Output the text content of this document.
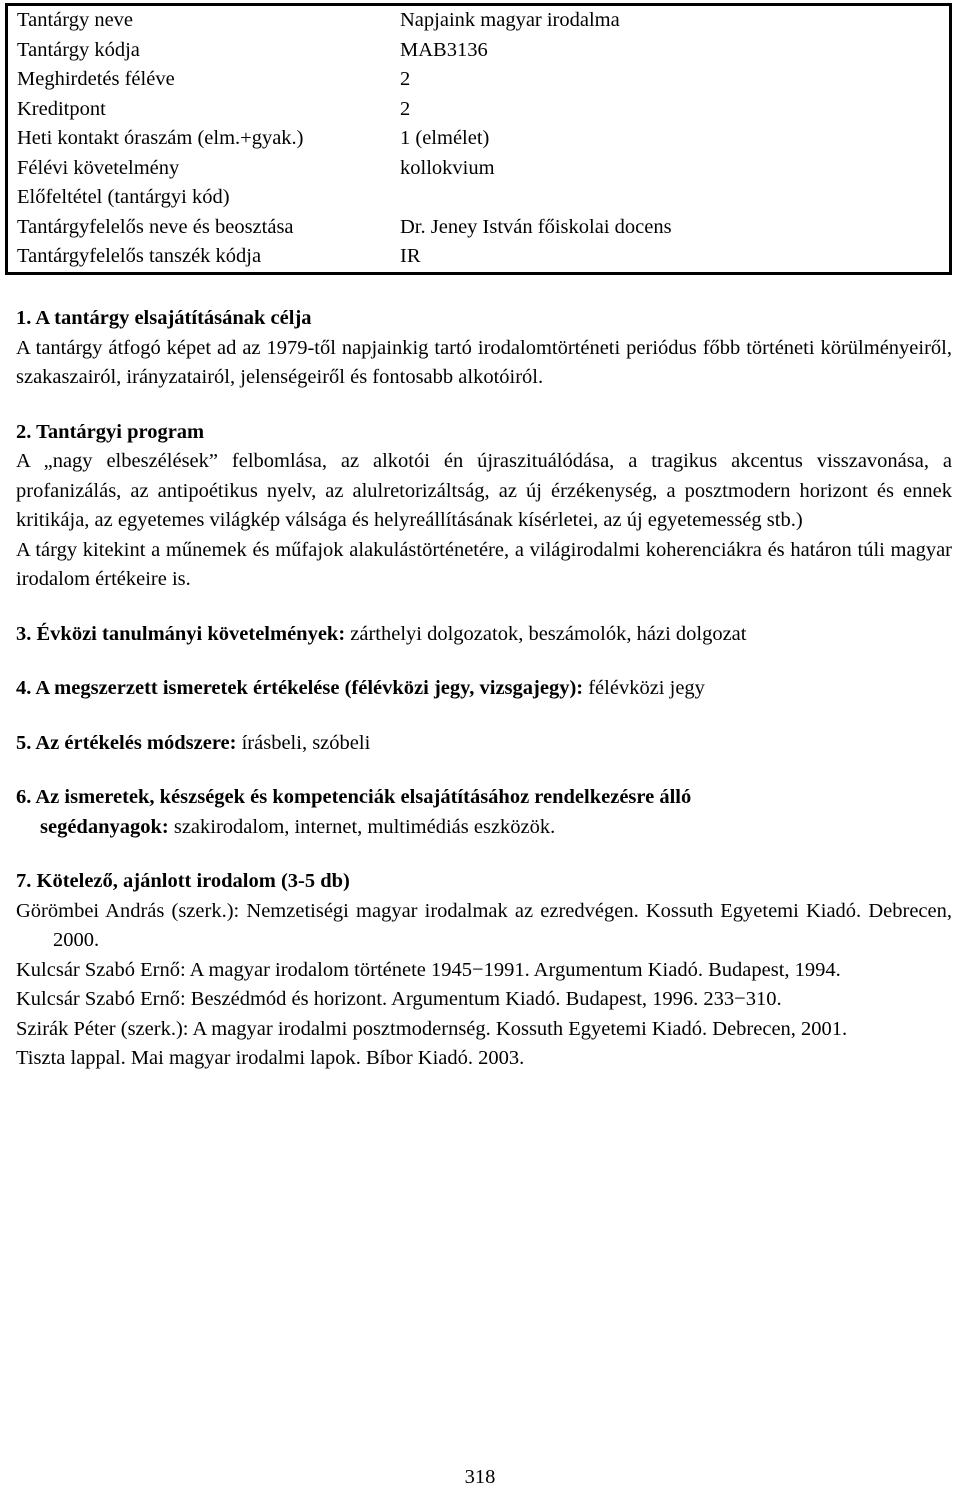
Tantárgy neve	Napjaink magyar irodalma
Tantárgy kódja	MAB3136
Meghirdetés féléve	2
Kreditpont	2
Heti kontakt óraszám (elm.+gyak.)	1 (elmélet)
Félévi követelmény	kollokvium
Előfeltétel (tantárgyi kód)	
Tantárgyfelelős neve és beosztása	Dr. Jeney István főiskolai docens
Tantárgyfelelős tanszék kódja	IR
1. A tantárgy elsajátításának célja

A tantárgy átfogó képet ad az 1979-től napjainkig tartó irodalomtörténeti periódus főbb történeti körülményeiről, szakaszairól, irányzatairól, jelenségeiről és fontosabb alkotóiról.

2. Tantárgyi program

A „nagy elbeszélések” felbomlása, az alkotói én újraszituálódása, a tragikus akcentus visszavonása, a profanizálás, az antipoétikus nyelv, az alulretorizáltság, az új érzékenység, a posztmodern horizont és ennek kritikája, az egyetemes világkép válsága és helyreállításának kísérletei, az új egyetemesség stb.)

A tárgy kitekint a műnemek és műfajok alakulástörténetére, a világirodalmi koherenciákra és határon túli magyar irodalom értékeire is.

3. Évközi tanulmányi követelmények: zárthelyi dolgozatok, beszámolók, házi dolgozat

4. A megszerzett ismeretek értékelése (félévközi jegy, vizsgajegy): félévközi jegy

5. Az értékelés módszere: írásbeli, szóbeli

6. Az ismeretek, készségek és kompetenciák elsajátításához rendelkezésre álló

segédanyagok: szakirodalom, internet, multimédiás eszközök.

7. Kötelező, ajánlott irodalom (3-5 db)

Görömbei András (szerk.): Nemzetiségi magyar irodalmak az ezredvégen. Kossuth Egyetemi Kiadó. Debrecen, 2000.

Kulcsár Szabó Ernő: A magyar irodalom története 1945−1991. Argumentum Kiadó. Budapest, 1994.

Kulcsár Szabó Ernő: Beszédmód és horizont. Argumentum Kiadó. Budapest, 1996. 233−310.

Szirák Péter (szerk.): A magyar irodalmi posztmodernség. Kossuth Egyetemi Kiadó. Debrecen, 2001.

Tiszta lappal. Mai magyar irodalmi lapok. Bíbor Kiadó. 2003.

318
